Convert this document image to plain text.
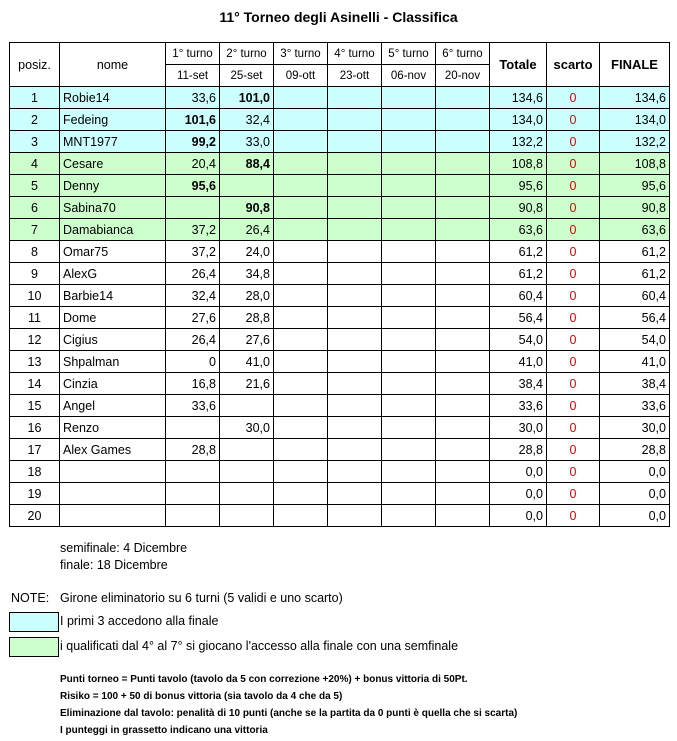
11° Torneo degli Asinelli - Classifica
posiz.	nome	1° turno	2° turno	3° turno	4° turno	5° turno	6° turno	Totale	scarto	FINALE
		11-set	25-set	09-ott	23-ott	06-nov	20-nov			
1	Robie14	33,6	101,0					134,6	0	134,6
2	Fedeing	101,6	32,4					134,0	0	134,0
3	MNT1977	99,2	33,0					132,2	0	132,2
4	Cesare	20,4	88,4					108,8	0	108,8
5	Denny	95,6						95,6	0	95,6
6	Sabina70		90,8					90,8	0	90,8
7	Damabianca	37,2	26,4					63,6	0	63,6
8	Omar75	37,2	24,0					61,2	0	61,2
9	AlexG	26,4	34,8					61,2	0	61,2
10	Barbie14	32,4	28,0					60,4	0	60,4
11	Dome	27,6	28,8					56,4	0	56,4
12	Cigius	26,4	27,6					54,0	0	54,0
13	Shpalman	0	41,0					41,0	0	41,0
14	Cinzia	16,8	21,6					38,4	0	38,4
15	Angel	33,6						33,6	0	33,6
16	Renzo		30,0					30,0	0	30,0
17	Alex Games	28,8						28,8	0	28,8
18								0,0	0	0,0
19								0,0	0	0,0
20								0,0	0	0,0
semifinale: 4 Dicembre
finale: 18 Dicembre
NOTE: Girone eliminatorio su 6 turni (5 validi e uno scarto)
I primi 3 accedono alla finale
i qualificati dal 4° al 7° si giocano l'accesso alla finale con una semfinale
Punti torneo = Punti tavolo (tavolo da 5 con correzione +20%) + bonus vittoria di 50Pt.
Risiko = 100 + 50 di bonus vittoria (sia tavolo da 4 che da 5)
Eliminazione dal tavolo: penalità di 10 punti (anche se la partita da 0 punti è quella che si scarta)
I punteggi in grassetto indicano una vittoria
